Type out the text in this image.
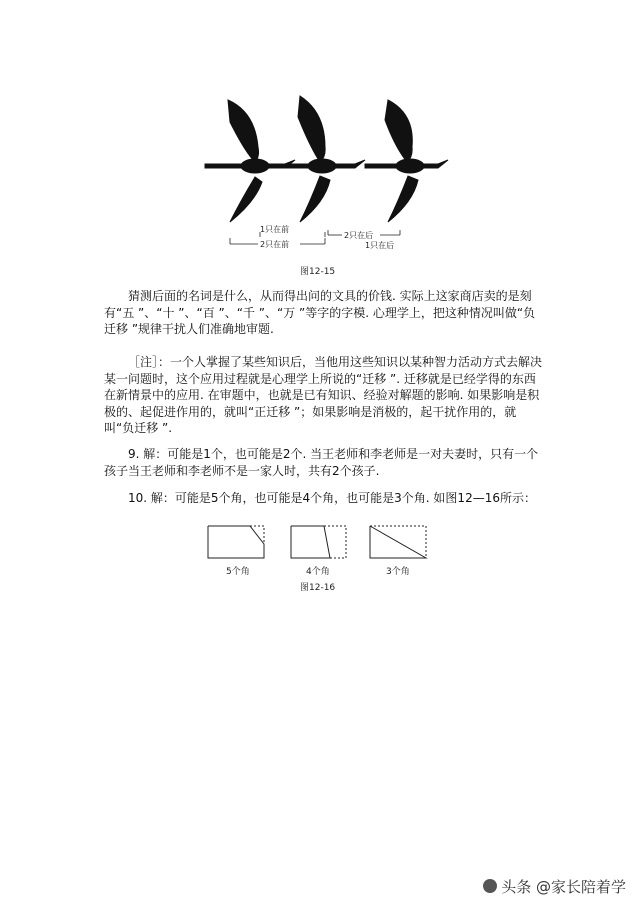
1只在前
2只在前
2只在后
1只在后
图12-15
猜测后面的名词是什么，从而得出问的文具的价钱. 实际上这家商店卖的是刻有“五 ”、“十 ”、“百 ”、“千 ”、“万 ”等字的字模. 心理学上，把这种情况叫做“负迁移 ”规律干扰人们准确地审题.
［注］：一个人掌握了某些知识后，当他用这些知识以某种智力活动方式去解决某一问题时，这个应用过程就是心理学上所说的“迁移 ”. 迁移就是已经学得的东西在新情景中的应用. 在审题中，也就是已有知识、经验对解题的影响. 如果影响是积极的、起促进作用的，就叫“正迁移 ”；如果影响是消极的，起干扰作用的，就叫“负迁移 ”.
9. 解：可能是1个，也可能是2个. 当王老师和李老师是一对夫妻时，只有一个孩子当王老师和李老师不是一家人时，共有2个孩子.
10. 解：可能是5个角，也可能是4个角，也可能是3个角. 如图12—16所示：
5个角	4个角	3个角
图12-16
头条 @家长陪着学
